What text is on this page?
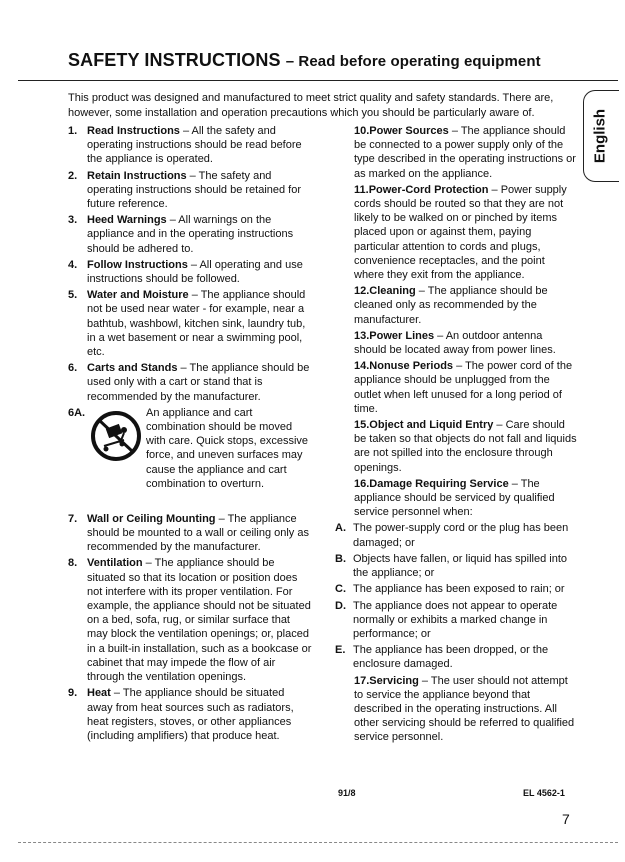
SAFETY INSTRUCTIONS – Read before operating equipment

This product was designed and manufactured to meet strict quality and safety standards. There are, however, some installation and operation precautions which you should be particularly aware of.	English
1. Read Instructions – All the safety and operating instructions should be read before the appliance is operated.
2. Retain Instructions – The safety and operating instructions should be retained for future reference.
3. Heed Warnings – All warnings on the appliance and in the operating instructions should be adhered to.
4. Follow Instructions – All operating and use instructions should be followed.
5. Water and Moisture – The appliance should not be used near water - for example, near a bathtub, washbowl, kitchen sink, laundry tub, in a wet basement or near a swimming pool, etc.
6. Carts and Stands – The appliance should be used only with a cart or stand that is recommended by the manufacturer.
6A.	An appliance and cart combination should be moved with care. Quick stops, excessive force, and uneven surfaces may cause the appliance and cart combination to overturn.
7. Wall or Ceiling Mounting – The appliance should be mounted to a wall or ceiling only as recommended by the manufacturer.
8. Ventilation – The appliance should be situated so that its location or position does not interfere with its proper ventilation. For example, the appliance should not be situated on a bed, sofa, rug, or similar surface that may block the ventilation openings; or, placed in a built-in installation, such as a bookcase or cabinet that may impede the flow of air through the ventilation openings.
9. Heat – The appliance should be situated away from heat sources such as radiators, heat registers, stoves, or other appliances (including amplifiers) that produce heat.
10.Power Sources – The appliance should be connected to a power supply only of the type described in the operating instructions or as marked on the appliance.
11.Power-Cord Protection – Power supply cords should be routed so that they are not likely to be walked on or pinched by items placed upon or against them, paying particular attention to cords and plugs, convenience receptacles, and the point where they exit from the appliance.
12.Cleaning – The appliance should be cleaned only as recommended by the manufacturer.
13.Power Lines – An outdoor antenna should be located away from power lines.
14.Nonuse Periods – The power cord of the appliance should be unplugged from the outlet when left unused for a long period of time.
15.Object and Liquid Entry – Care should be taken so that objects do not fall and liquids are not spilled into the enclosure through openings.
16.Damage Requiring Service – The appliance should be serviced by qualified service personnel when:
A. The power-supply cord or the plug has been damaged; or
B. Objects have fallen, or liquid has spilled into the appliance; or
C. The appliance has been exposed to rain; or
D. The appliance does not appear to operate normally or exhibits a marked change in performance; or
E. The appliance has been dropped, or the enclosure damaged.
17.Servicing – The user should not attempt to service the appliance beyond that described in the operating instructions. All other servicing should be referred to qualified service personnel.
91/8	EL 4562-1
7
